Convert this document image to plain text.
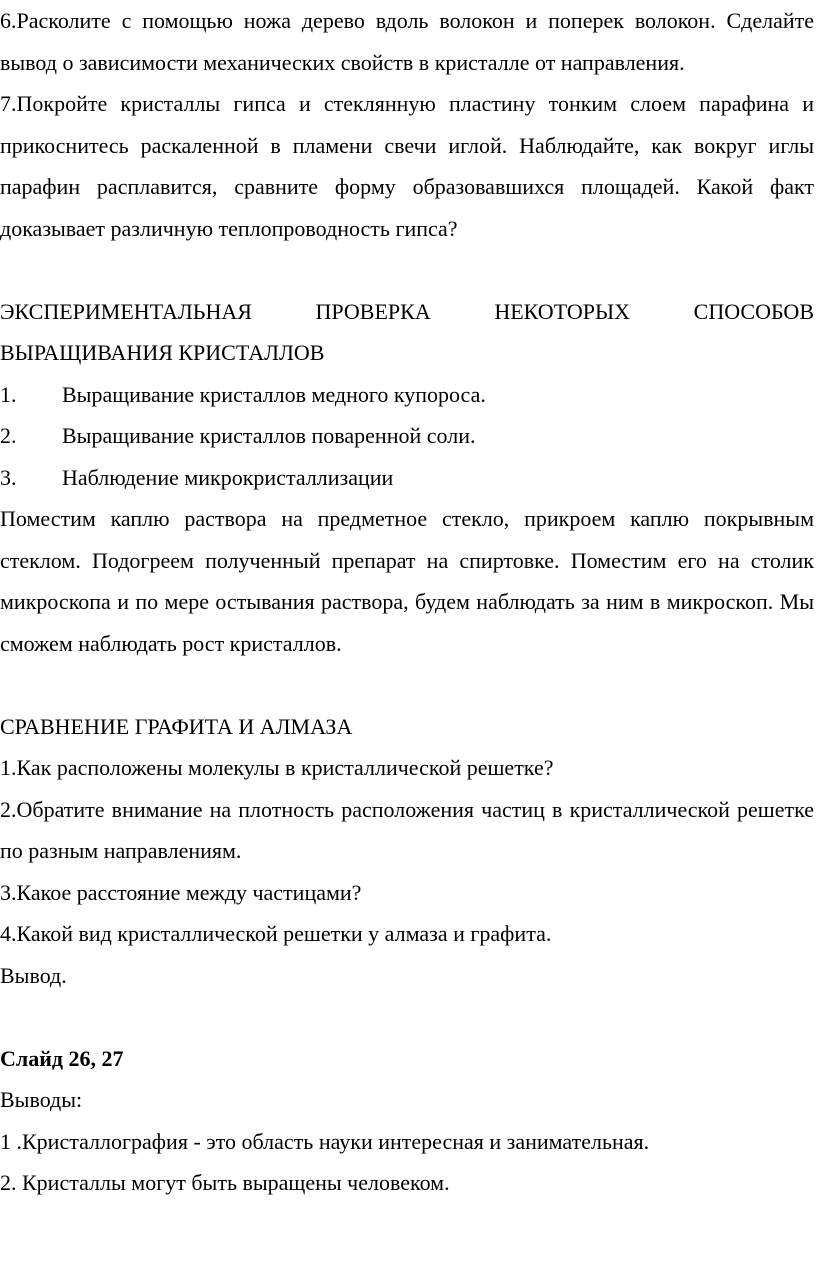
6.Расколите с помощью ножа дерево вдоль волокон и поперек волокон. Сделайте вывод о зависимости механических свойств в кристалле от направления.

7.Покройте кристаллы гипса и стеклянную пластину тонким слоем парафина и прикоснитесь раскаленной в пламени свечи иглой. Наблюдайте, как вокруг иглы парафин расплавится, сравните форму образовавшихся площадей. Какой факт доказывает различную теплопроводность гипса?

ЭКСПЕРИМЕНТАЛЬНАЯ ПРОВЕРКА НЕКОТОРЫХ СПОСОБОВ
ВЫРАЩИВАНИЯ КРИСТАЛЛОВ

1.	Выращивание кристаллов медного купороса.
2.	Выращивание кристаллов поваренной соли.
3.	Наблюдение микрокристаллизации

Поместим каплю раствора на предметное стекло, прикроем каплю покрывным стеклом. Подогреем полученный препарат на спиртовке. Поместим его на столик микроскопа и по мере остывания раствора, будем наблюдать за ним в микроскоп. Мы сможем наблюдать рост кристаллов.

СРАВНЕНИЕ ГРАФИТА И АЛМАЗА

1.Как расположены молекулы в кристаллической решетке?

2.Обратите внимание на плотность расположения частиц в кристаллической решетке по разным направлениям.

3.Какое расстояние между частицами?

4.Какой вид кристаллической решетки у алмаза и графита.

Вывод.

Слайд 26, 27

Выводы:

1 .Кристаллография - это область науки интересная и занимательная.

2. Кристаллы могут быть выращены человеком.
